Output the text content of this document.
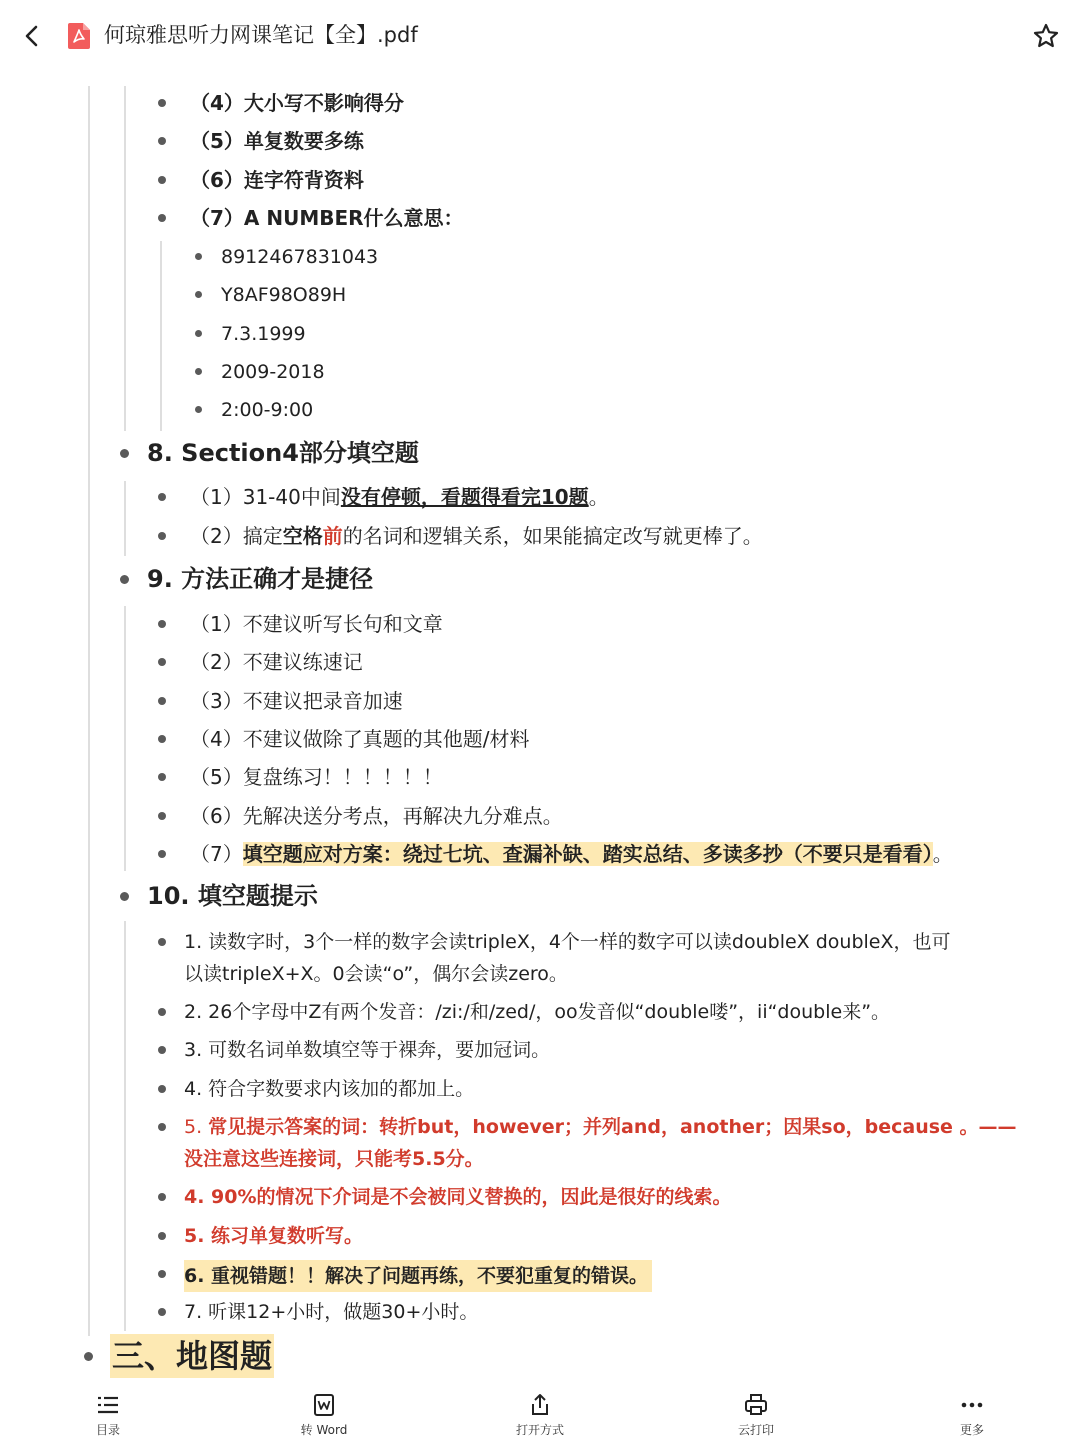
何琼雅思听力网课笔记【全】.pdf
（4）大小写不影响得分
（5）单复数要多练
（6）连字符背资料
（7）A NUMBER什么意思：
8912467831043
Y8AF98O89H
7.3.1999
2009-2018
2:00-9:00
8. Section4部分填空题
（1）31-40中间没有停顿，看题得看完10题。
（2）搞定空格前的名词和逻辑关系，如果能搞定改写就更棒了。
9. 方法正确才是捷径
（1）不建议听写长句和文章
（2）不建议练速记
（3）不建议把录音加速
（4）不建议做除了真题的其他题/材料
（5）复盘练习！！！！！！
（6）先解决送分考点，再解决九分难点。
（7）填空题应对方案：绕过七坑、查漏补缺、踏实总结、多读多抄（不要只是看看）。
10. 填空题提示
1. 读数字时，3个一样的数字会读tripleX，4个一样的数字可以读doubleX doubleX，也可
以读tripleX+X。0会读“o”，偶尔会读zero。
2. 26个字母中Z有两个发音：/zi:/和/zed/，oo发音似“double喽”，ii“double来”。
3. 可数名词单数填空等于裸奔，要加冠词。
4. 符合字数要求内该加的都加上。
5. 常见提示答案的词：转折but，however；并列and，another；因果so，because 。——
没注意这些连接词，只能考5.5分。
4. 90%的情况下介词是不会被同义替换的，因此是很好的线索。
5. 练习单复数听写。
6. 重视错题！！解决了问题再练，不要犯重复的错误。
7. 听课12+小时，做题30+小时。
三、地图题
目录	转 Word	打开方式	云打印	更多
